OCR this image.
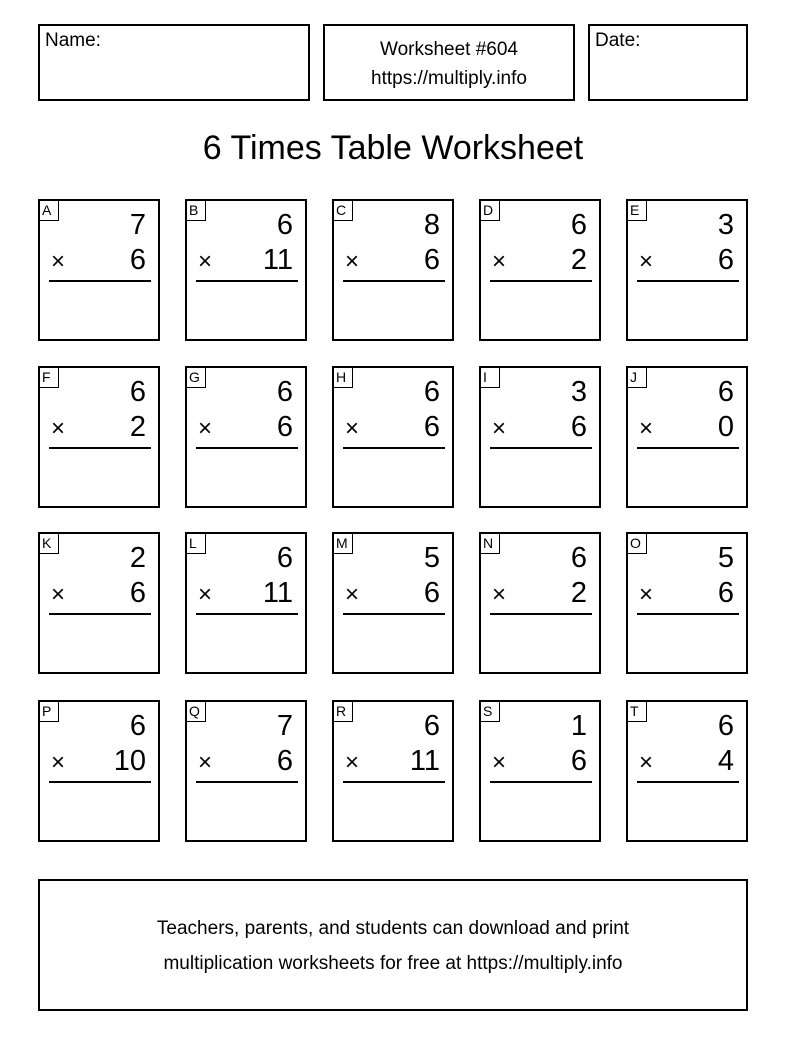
Name:	Worksheet #604
https://multiply.info
Date:
6 Times Table Worksheet
A	7
× 6
B	6
× 11
C	8
× 6
D	6
× 2
E	3
× 6
F	6
× 2
G	6
× 6
H	6
× 6
I	3
× 6
J	6
× 0
K	2
× 6
L	6
× 11
M	5
× 6
N	6
× 2
O	5
× 6
P	6
× 10
Q	7
× 6
R	6
× 11
S	1
× 6
T	6
× 4
Teachers, parents, and students can download and print
multiplication worksheets for free at https://multiply.info
